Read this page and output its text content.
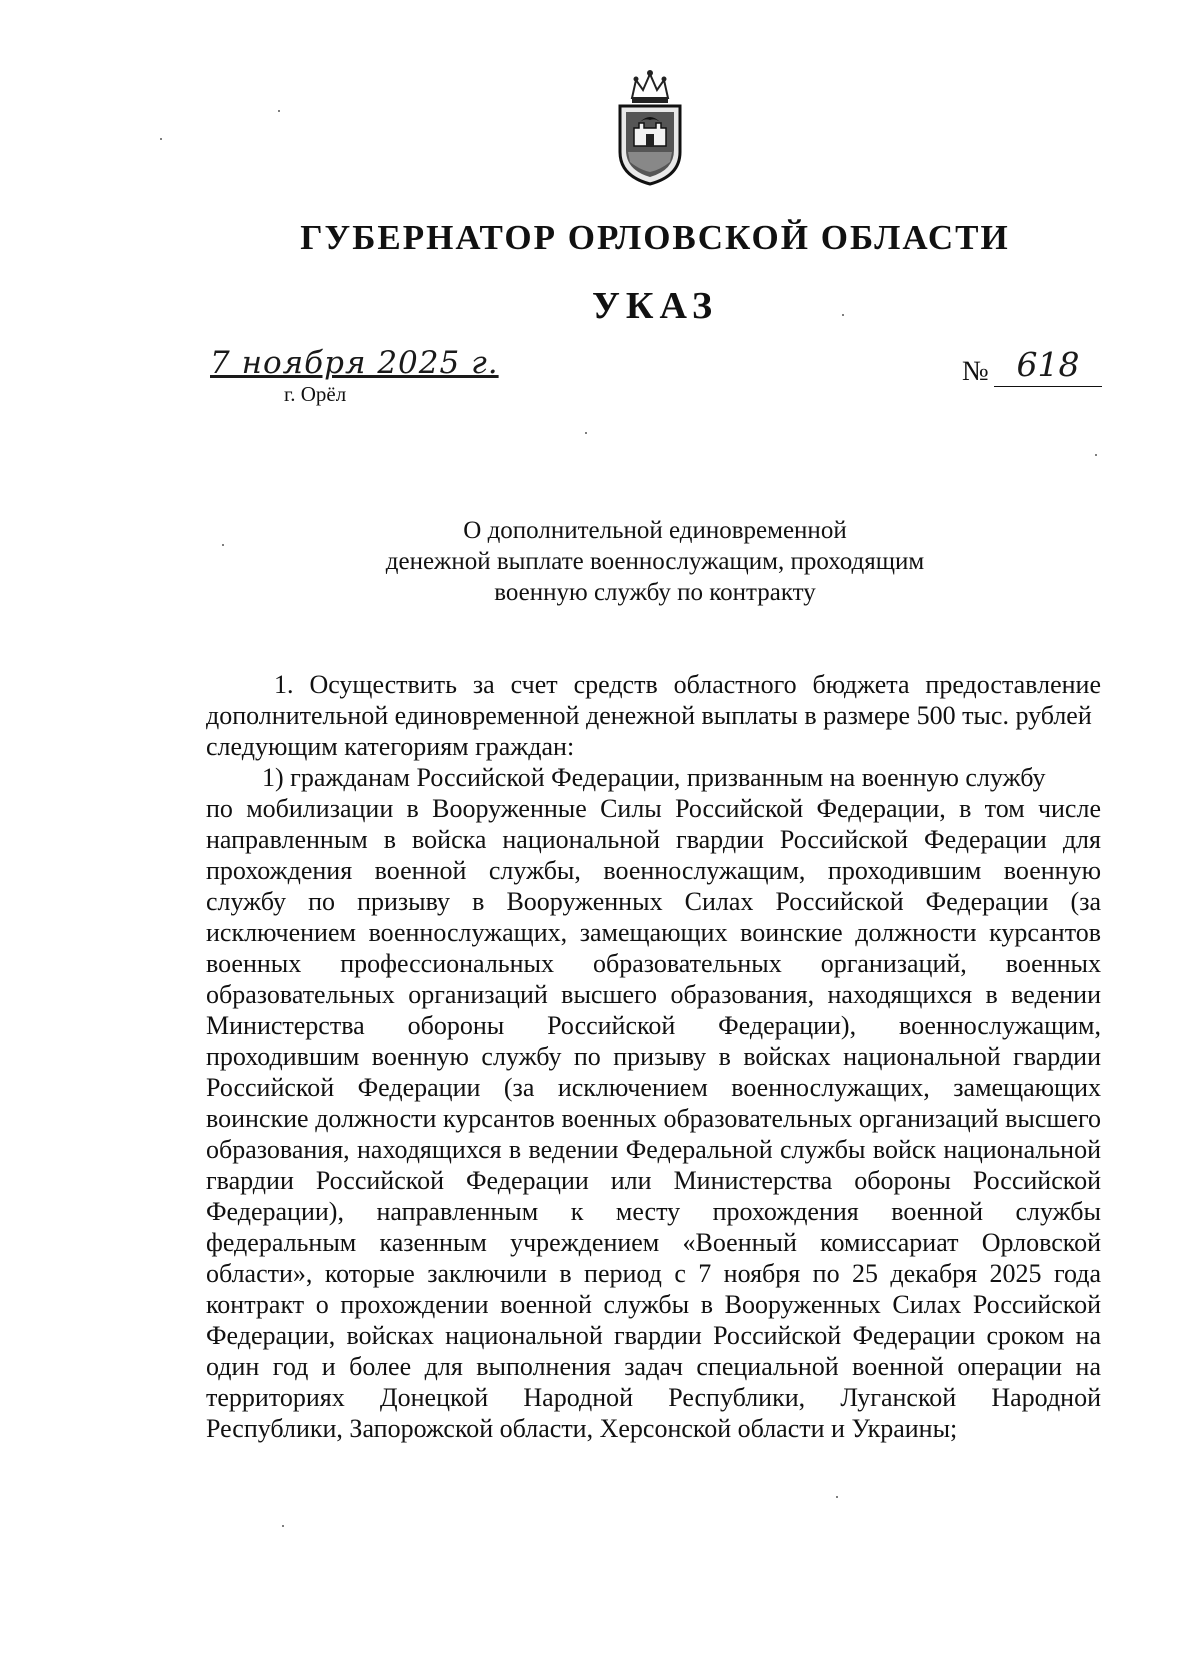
ГУБЕРНАТОР ОРЛОВСКОЙ ОБЛАСТИ
УКАЗ
7 ноября 2025 г.
г. Орёл
№ 618
О дополнительной единовременной
денежной выплате военнослужащим, проходящим
военную службу по контракту
1. Осуществить за счет средств областного бюджета предоставление дополнительной единовременной денежной выплаты в размере 500 тыс. рублей
следующим категориям граждан:
1) гражданам Российской Федерации, призванным на военную службу
по мобилизации в Вооруженные Силы Российской Федерации, в том числе направленным в войска национальной гвардии Российской Федерации для прохождения военной службы, военнослужащим, проходившим военную службу по призыву в Вооруженных Силах Российской Федерации (за исключением военнослужащих, замещающих воинские должности курсантов военных профессиональных образовательных организаций, военных образовательных организаций высшего образования, находящихся в ведении Министерства обороны Российской Федерации), военнослужащим, проходившим военную службу по призыву в войсках национальной гвардии Российской Федерации (за исключением военнослужащих, замещающих воинские должности курсантов военных образовательных организаций высшего образования, находящихся в ведении Федеральной службы войск национальной гвардии Российской Федерации или Министерства обороны Российской Федерации), направленным к месту прохождения военной службы федеральным казенным учреждением «Военный комиссариат Орловской области», которые заключили в период с 7 ноября по 25 декабря 2025 года контракт о прохождении военной службы в Вооруженных Силах Российской Федерации, войсках национальной гвардии Российской Федерации сроком на один год и более для выполнения задач специальной военной операции на территориях Донецкой Народной Республики, Луганской Народной Республики, Запорожской области, Херсонской области и Украины;
